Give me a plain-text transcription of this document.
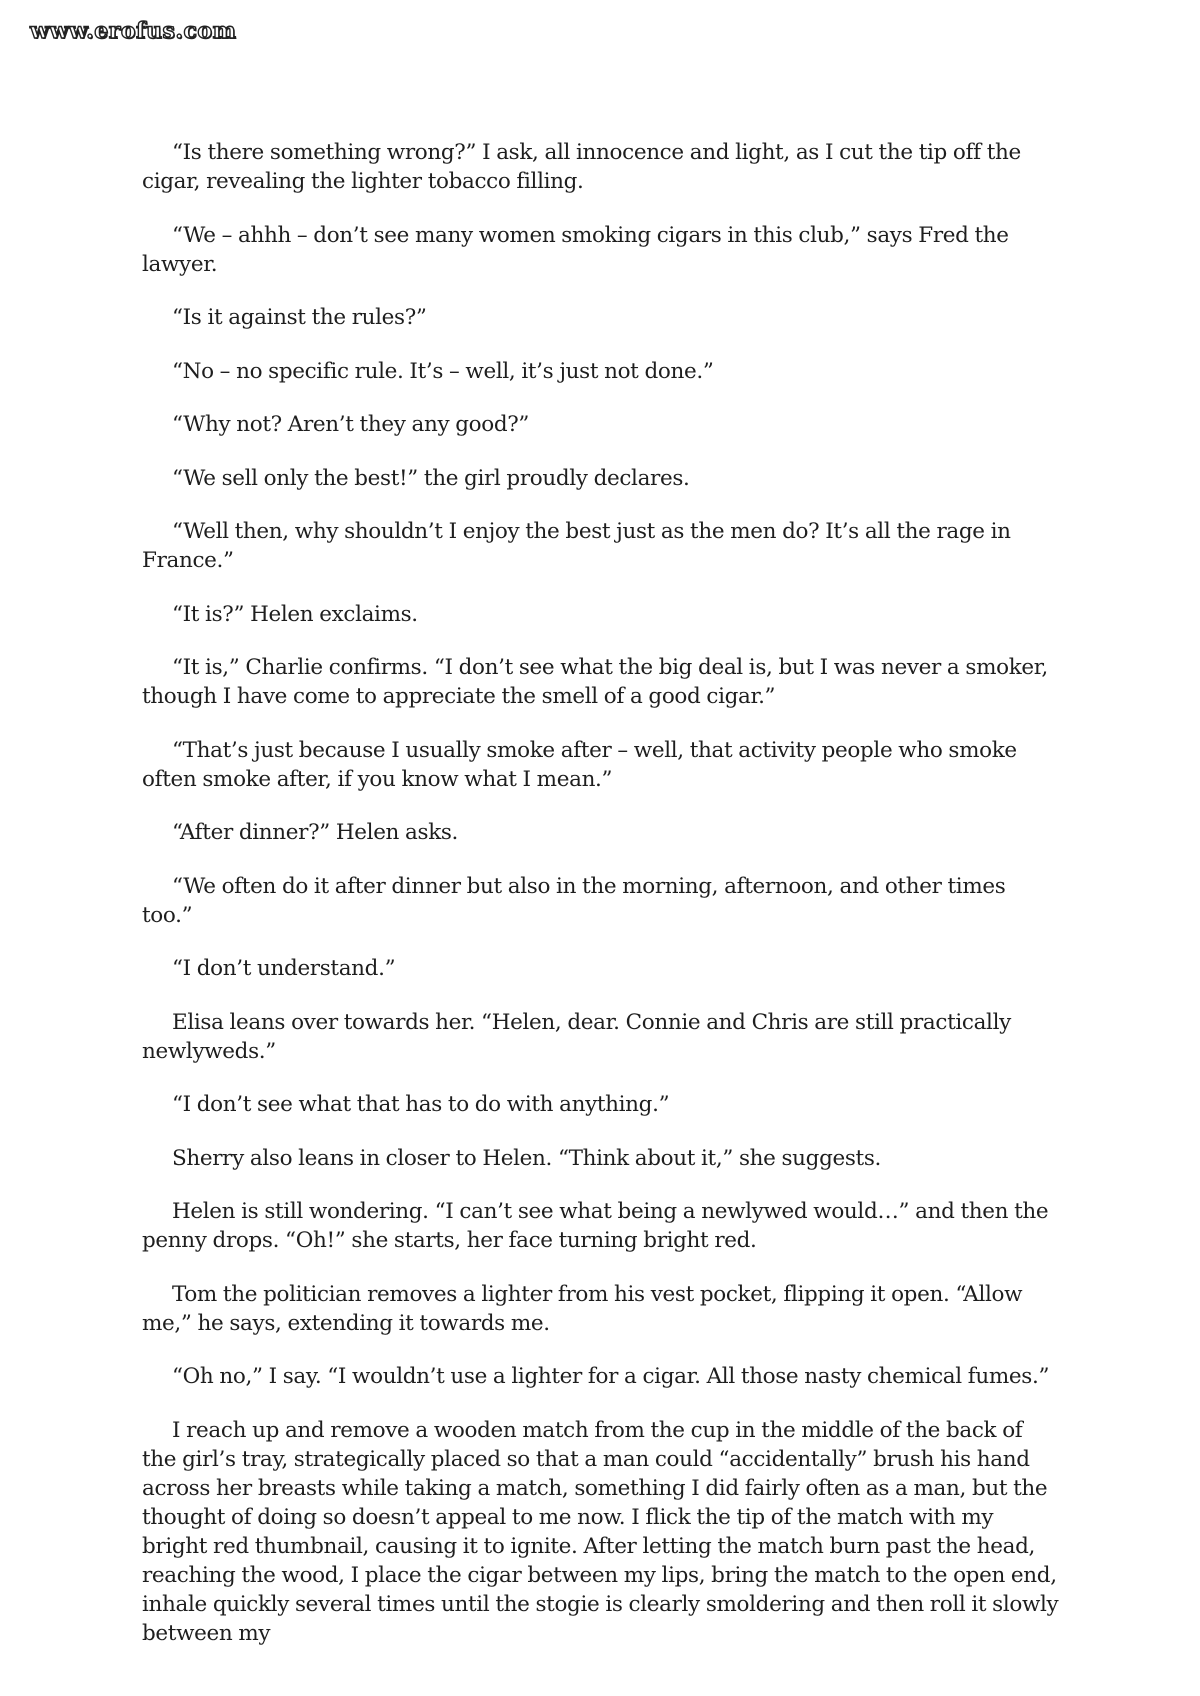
www.erofus.com

“Is there something wrong?” I ask, all innocence and light, as I cut the tip off the cigar, revealing the lighter tobacco filling.

“We – ahhh – don’t see many women smoking cigars in this club,” says Fred the lawyer.

“Is it against the rules?”

“No – no specific rule. It’s – well, it’s just not done.”

“Why not? Aren’t they any good?”

“We sell only the best!” the girl proudly declares.

“Well then, why shouldn’t I enjoy the best just as the men do? It’s all the rage in France.”

“It is?” Helen exclaims.

“It is,” Charlie confirms. “I don’t see what the big deal is, but I was never a smoker, though I have come to appreciate the smell of a good cigar.”

“That’s just because I usually smoke after – well, that activity people who smoke often smoke after, if you know what I mean.”

“After dinner?” Helen asks.

“We often do it after dinner but also in the morning, afternoon, and other times too.”

“I don’t understand.”

Elisa leans over towards her. “Helen, dear. Connie and Chris are still practically newlyweds.”

“I don’t see what that has to do with anything.”

Sherry also leans in closer to Helen. “Think about it,” she suggests.

Helen is still wondering. “I can’t see what being a newlywed would…” and then the penny drops. “Oh!” she starts, her face turning bright red.

Tom the politician removes a lighter from his vest pocket, flipping it open. “Allow me,” he says, extending it towards me.

“Oh no,” I say. “I wouldn’t use a lighter for a cigar. All those nasty chemical fumes.”

I reach up and remove a wooden match from the cup in the middle of the back of the girl’s tray, strategically placed so that a man could “accidentally” brush his hand across her breasts while taking a match, something I did fairly often as a man, but the thought of doing so doesn’t appeal to me now. I flick the tip of the match with my bright red thumbnail, causing it to ignite. After letting the match burn past the head, reaching the wood, I place the cigar between my lips, bring the match to the open end, inhale quickly several times until the stogie is clearly smoldering and then roll it slowly between my
